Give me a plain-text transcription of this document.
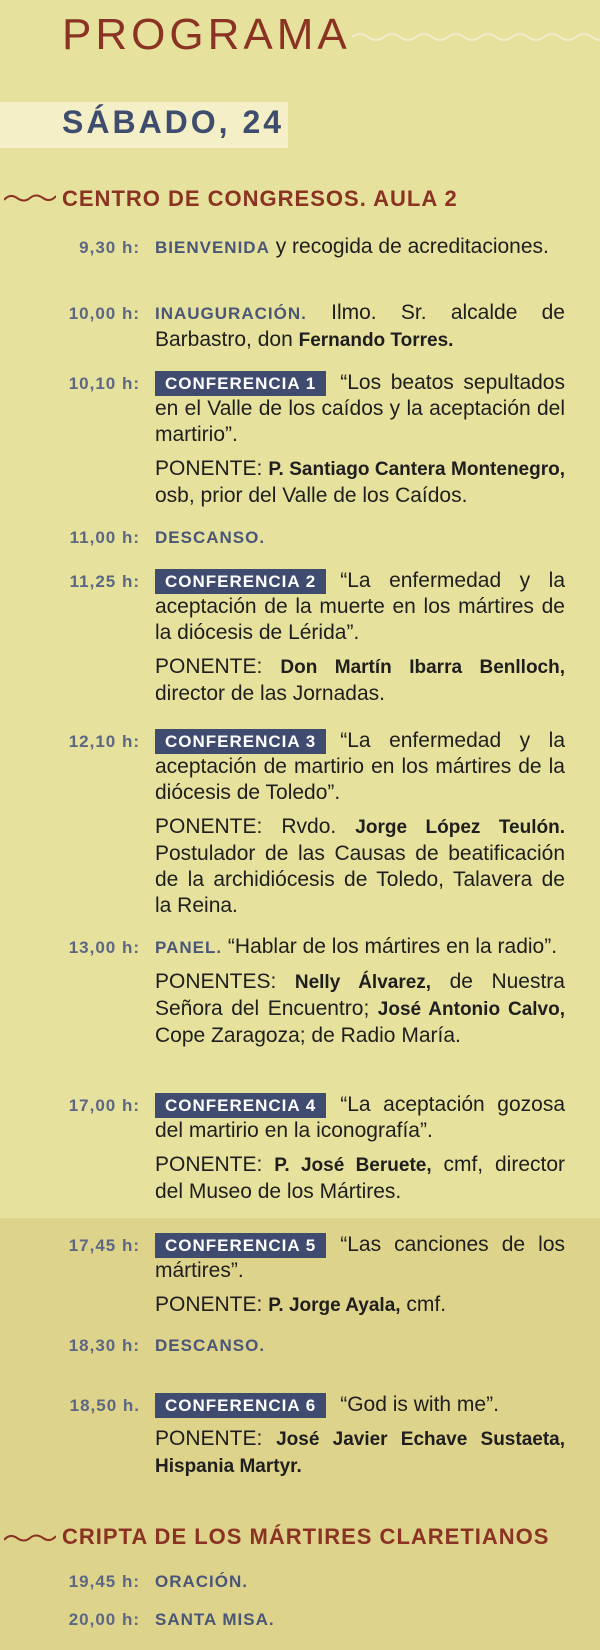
PROGRAMA
SÁBADO, 24
CENTRO DE CONGRESOS. AULA 2
9,30 h: BIENVENIDA y recogida de acreditaciones.
10,00 h: INAUGURACIÓN. Ilmo. Sr. alcalde de Barbastro, don Fernando Torres.
10,10 h:	CONFERENCIA 1 “Los beatos sepultados en el Valle de los caídos y la aceptación del martirio”.
PONENTE: P. Santiago Cantera Montenegro, osb, prior del Valle de los Caídos.
11,00 h: DESCANSO.
11,25 h:	CONFERENCIA 2 “La enfermedad y la aceptación de la muerte en los mártires de la diócesis de Lérida”.
PONENTE: Don Martín Ibarra Benlloch, director de las Jornadas.
12,10 h:	CONFERENCIA 3 “La enfermedad y la aceptación de martirio en los mártires de la diócesis de Toledo”.
PONENTE: Rvdo. Jorge López Teulón. Postulador de las Causas de beatificación de la archidiócesis de Toledo, Talavera de la Reina.
13,00 h: PANEL. “Hablar de los mártires en la radio”.
PONENTES: Nelly Álvarez, de Nuestra Señora del Encuentro; José Antonio Calvo, Cope Zaragoza; de Radio María.
17,00 h:	CONFERENCIA 4 “La aceptación gozosa del martirio en la iconografía”.
PONENTE: P. José Beruete, cmf, director del Museo de los Mártires.
17,45 h:	CONFERENCIA 5 “Las canciones de los mártires”.
PONENTE: P. Jorge Ayala, cmf.
18,30 h: DESCANSO.
18,50 h.	CONFERENCIA 6 “God is with me”.
PONENTE: José Javier Echave Sustaeta, Hispania Martyr.
CRIPTA DE LOS MÁRTIRES CLARETIANOS
19,45 h: ORACIÓN.
20,00 h: SANTA MISA.
